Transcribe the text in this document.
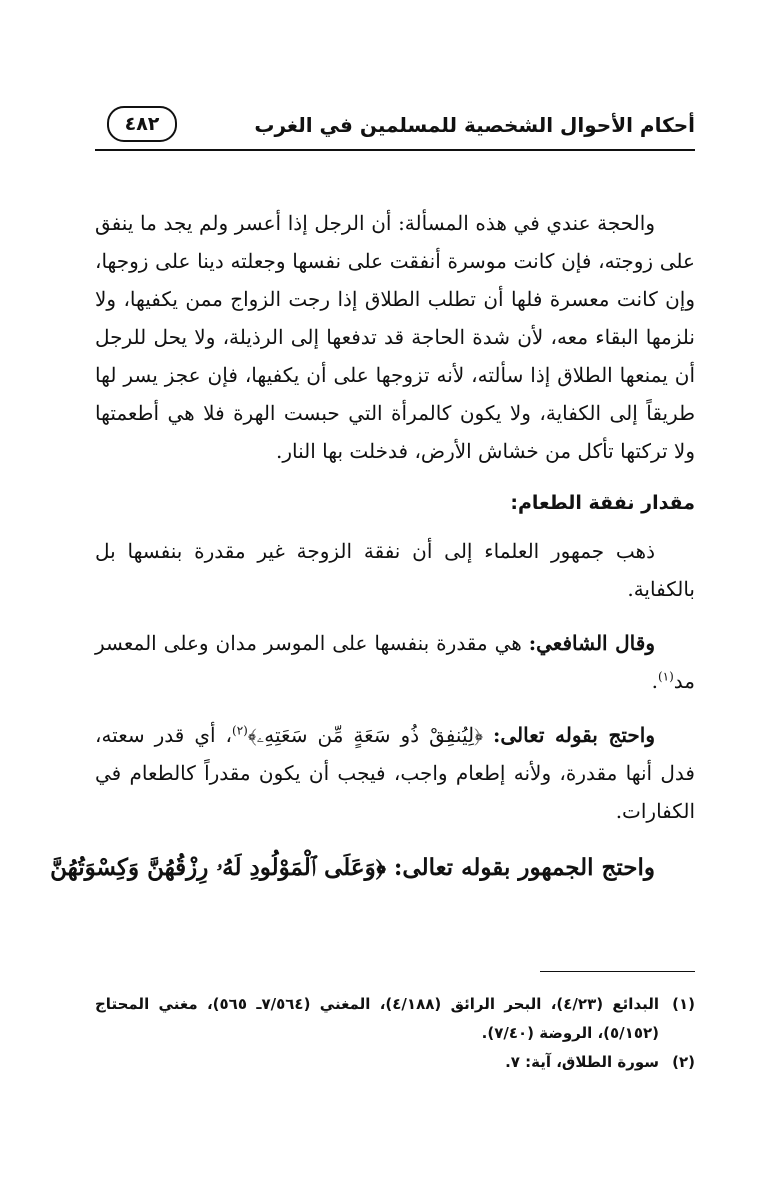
أحكام الأحوال الشخصية للمسلمين في الغرب
٤٨٢

والحجة عندي في هذه المسألة: أن الرجل إذا أعسر ولم يجد ما ينفق على زوجته، فإن كانت موسرة أنفقت على نفسها وجعلته دينا على زوجها، وإن كانت معسرة فلها أن تطلب الطلاق إذا رجت الزواج ممن يكفيها، ولا نلزمها البقاء معه، لأن شدة الحاجة قد تدفعها إلى الرذيلة، ولا يحل للرجل أن يمنعها الطلاق إذا سألته، لأنه تزوجها على أن يكفيها، فإن عجز يسر لها طريقاً إلى الكفاية، ولا يكون كالمرأة التي حبست الهرة فلا هي أطعمتها ولا تركتها تأكل من خشاش الأرض، فدخلت بها النار.

مقدار نفقة الطعام:

ذهب جمهور العلماء إلى أن نفقة الزوجة غير مقدرة بنفسها بل بالكفاية.

وقال الشافعي: هي مقدرة بنفسها على الموسر مدان وعلى المعسر مد$^{(١)}$.

واحتج بقوله تعالى: ﴿لِيُنفِقْ ذُو سَعَةٍ مِّن سَعَتِهِۦ﴾$^{(٢)}$، أي قدر سعته، فدل أنها مقدرة، ولأنه إطعام واجب، فيجب أن يكون مقدراً كالطعام في الكفارات.

واحتج الجمهور بقوله تعالى: ﴿وَعَلَى ٱلْمَوْلُودِ لَهُۥ رِزْقُهُنَّ وَكِسْوَتُهُنَّ

(١)
البدائع (٤/٢٣)، البحر الرائق (٤/١٨٨)، المغني (٧/٥٦٤ـ ٥٦٥)، مغني المحتاج (٥/١٥٢)، الروضة (٧/٤٠).
(٢)
سورة الطلاق، آية: ٧.
